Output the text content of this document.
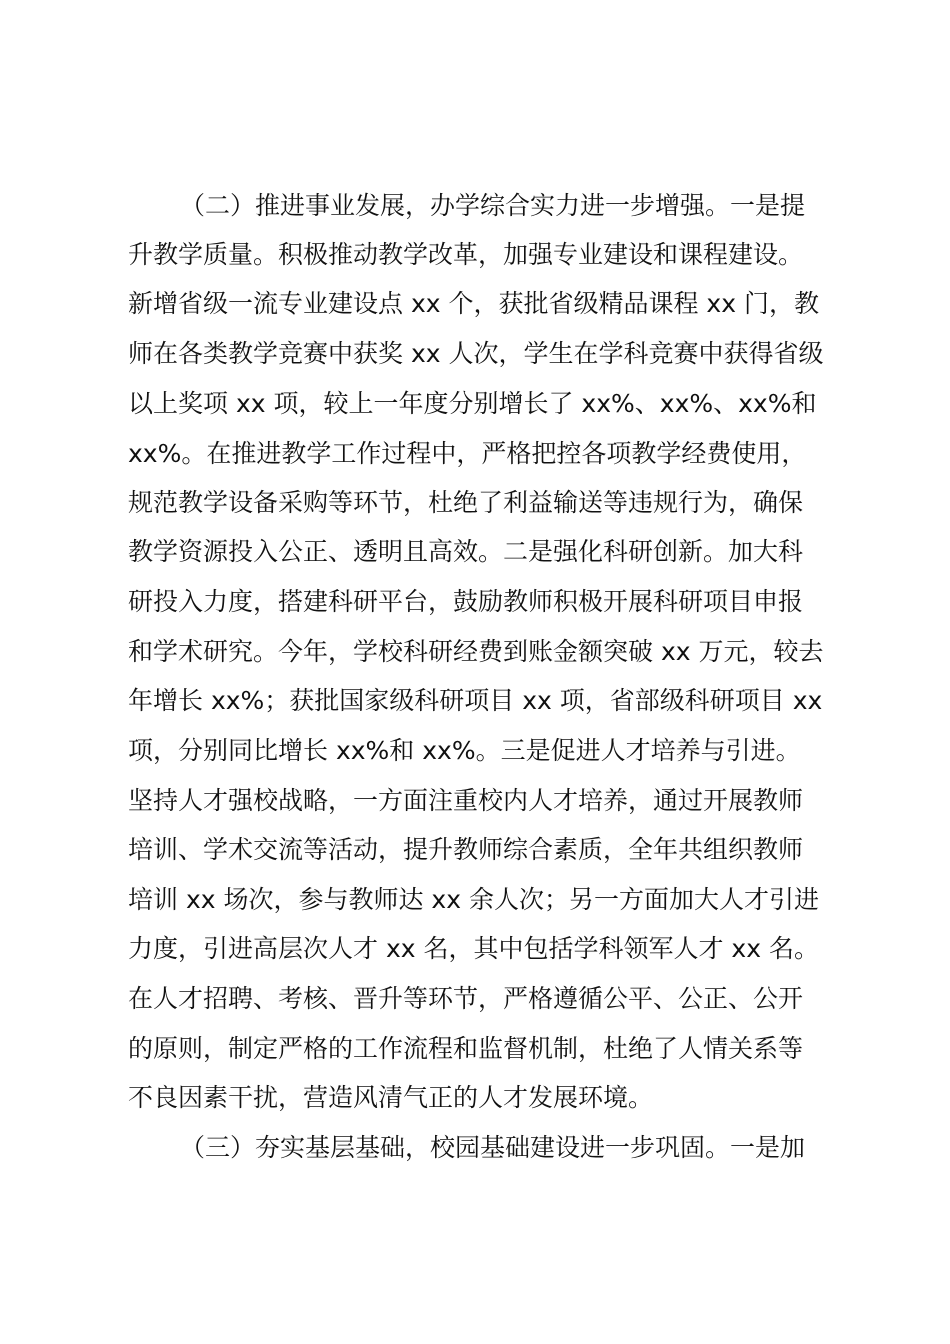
（二）推进事业发展，办学综合实力进一步增强。一是提
升教学质量。积极推动教学改革，加强专业建设和课程建设。
新增省级一流专业建设点 xx 个，获批省级精品课程 xx 门，教
师在各类教学竞赛中获奖 xx 人次，学生在学科竞赛中获得省级
以上奖项 xx 项，较上一年度分别增长了 xx%、xx%、xx%和
xx%。在推进教学工作过程中，严格把控各项教学经费使用，
规范教学设备采购等环节，杜绝了利益输送等违规行为，确保
教学资源投入公正、透明且高效。二是强化科研创新。加大科
研投入力度，搭建科研平台，鼓励教师积极开展科研项目申报
和学术研究。今年，学校科研经费到账金额突破 xx 万元，较去
年增长 xx%；获批国家级科研项目 xx 项，省部级科研项目 xx
项，分别同比增长 xx%和 xx%。三是促进人才培养与引进。
坚持人才强校战略，一方面注重校内人才培养，通过开展教师
培训、学术交流等活动，提升教师综合素质，全年共组织教师
培训 xx 场次，参与教师达 xx 余人次；另一方面加大人才引进
力度，引进高层次人才 xx 名，其中包括学科领军人才 xx 名。
在人才招聘、考核、晋升等环节，严格遵循公平、公正、公开
的原则，制定严格的工作流程和监督机制，杜绝了人情关系等
不良因素干扰，营造风清气正的人才发展环境。
（三）夯实基层基础，校园基础建设进一步巩固。一是加
